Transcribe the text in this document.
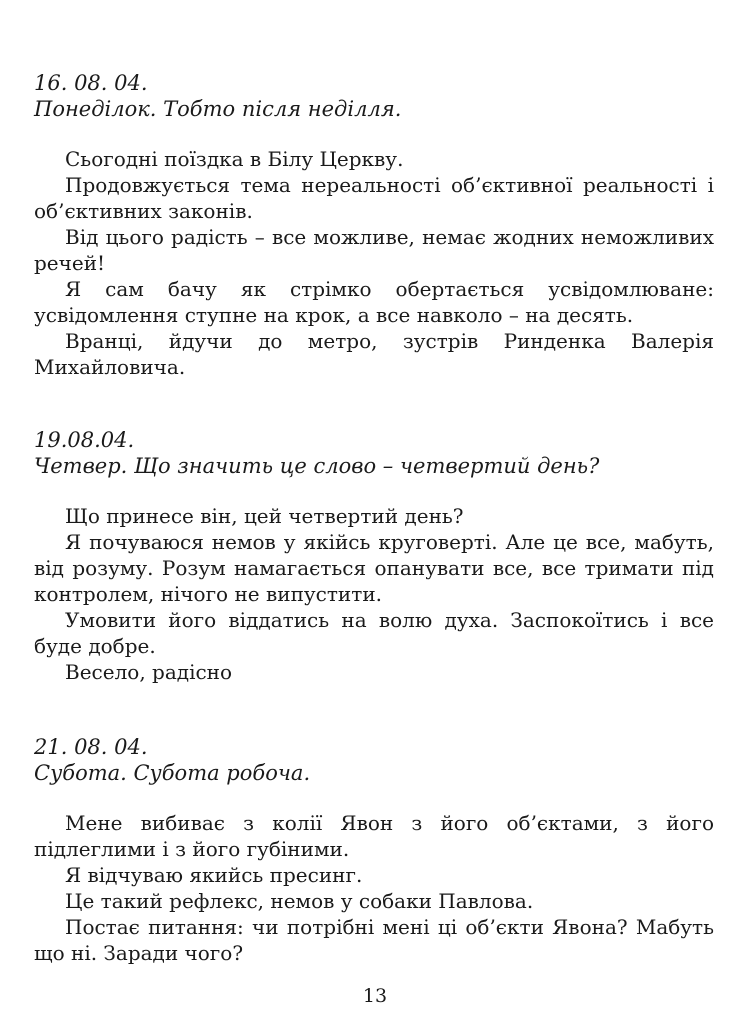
16. 08. 04.

Понеділок. Тобто після неділля.

Сьогодні поїздка в Білу Церкву.

Продовжується тема нереальності об’єктивної реальності і об’єктивних законів.

Від цього радість – все можливе, немає жодних неможливих речей!

Я сам бачу як стрімко обертається усвідомлюване: усвідомлення ступне на крок, а все навколо – на десять.

Вранці, йдучи до метро, зустрів Ринденка Валерія Михайловича.

19.08.04.

Четвер. Що значить це слово – четвертий день?

Що принесе він, цей четвертий день?

Я почуваюся немов у якійсь круговерті. Але це все, мабуть, від розуму. Розум намагається опанувати все, все тримати під контролем, нічого не випустити.

Умовити його віддатись на волю духа. Заспокоїтись і все буде добре.

Весело, радісно

21. 08. 04.

Субота. Субота робоча.

Мене вибиває з колії Явон з його об’єктами, з його підлеглими і з його губіними.

Я відчуваю якийсь пресинг.

Це такий рефлекс, немов у собаки Павлова.

Постає питання: чи потрібні мені ці об’єкти Явона? Мабуть що ні. Заради чого?

13
